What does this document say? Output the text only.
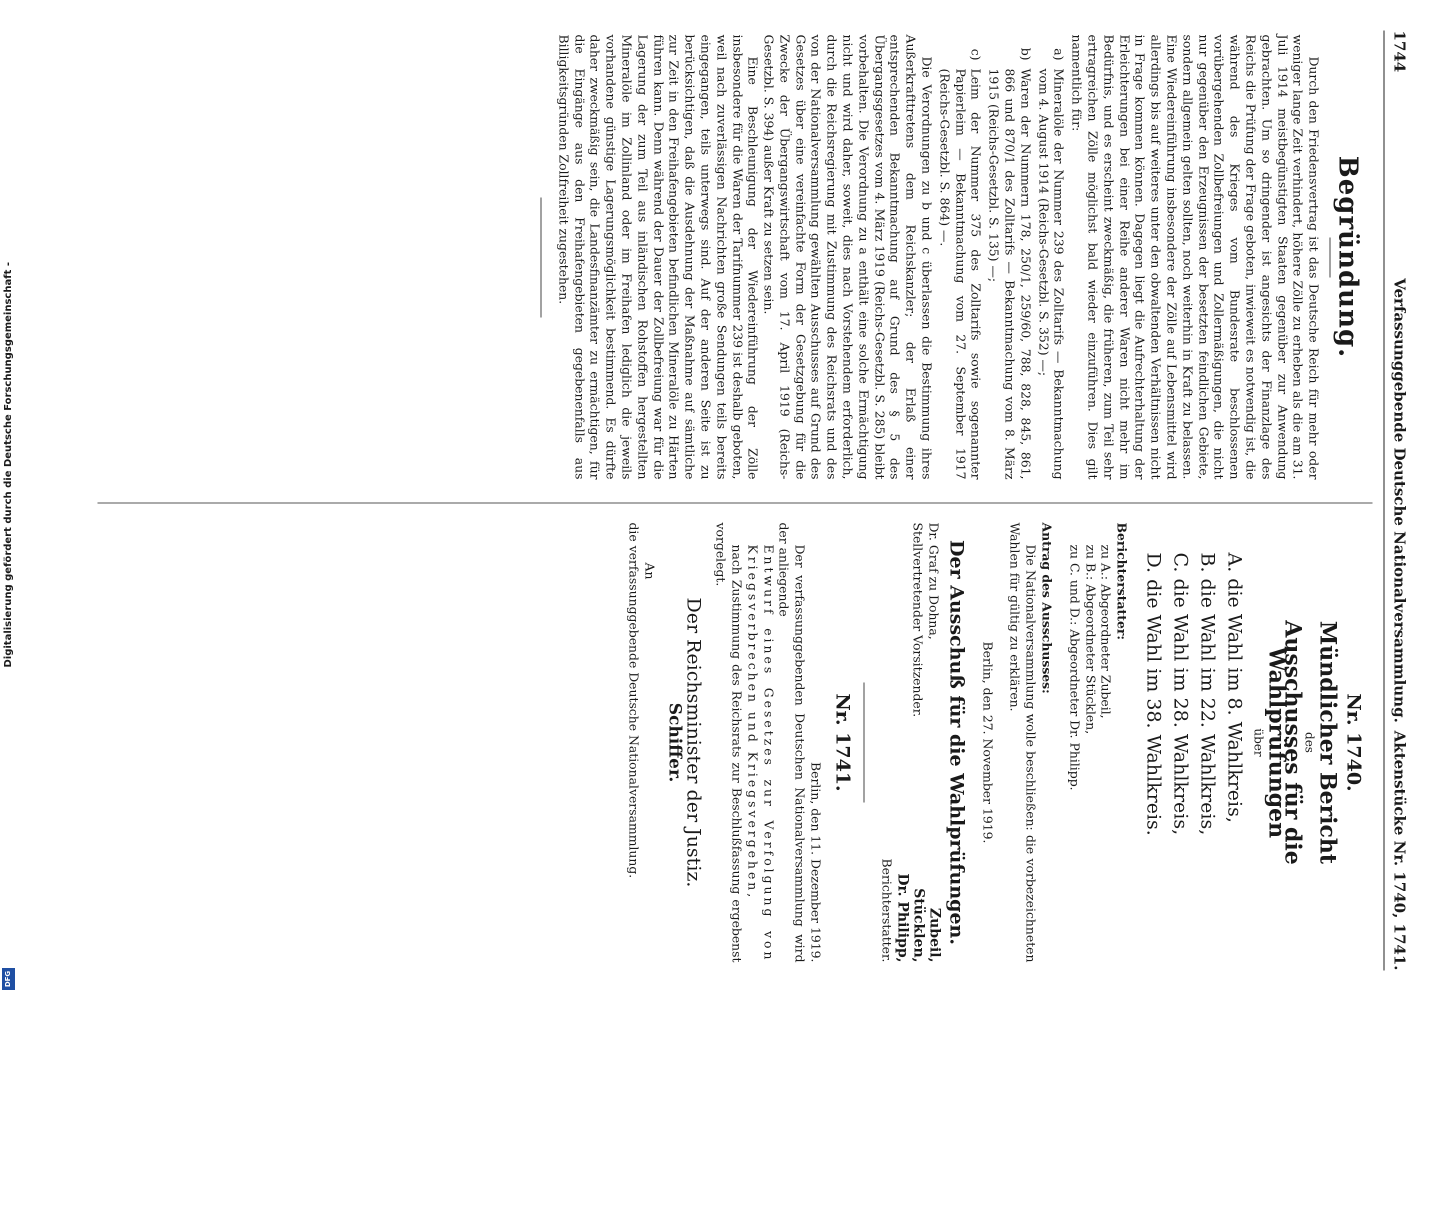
Digitalisierung gefördert durch die Deutsche Forschungsgemeinschaft -
DFG
1744
Verfassunggebende Deutsche Nationalversammlung.
Aktenstücke Nr. 1740, 1741.
Begründung.

Durch den Friedensvertrag ist das Deutsche Reich für mehr oder weniger lange Zeit verhindert, höhere Zölle zu erheben als die am 31. Juli 1914 meistbegünstigten Staaten gegenüber zur Anwendung gebrachten. Um so dringender ist angesichts der Finanzlage des Reichs die Prüfung der Frage geboten, inwieweit es notwendig ist, die während des Krieges vom Bundesrate beschlossenen vorübergehenden Zollbefreiungen und Zollermäßigungen, die nicht nur gegenüber den Erzeugnissen der besetzten feindlichen Gebiete, sondern allgemein gelten sollten, noch weiterhin in Kraft zu belassen. Eine Wiedereinführung insbesondere der Zölle auf Lebensmittel wird allerdings bis auf weiteres unter den obwaltenden Verhältnissen nicht in Frage kommen können. Dagegen liegt die Aufrechterhaltung der Erleichterungen bei einer Reihe anderer Waren nicht mehr im Bedürfnis, und es erscheint zweckmäßig, die früheren, zum Teil sehr ertragreichen Zölle möglichst bald wieder einzuführen. Dies gilt namentlich für:

a)
Mineralöle der Nummer 239 des Zolltarifs — Bekanntmachung vom 4. August 1914 (Reichs-Gesetzbl. S. 352) —;
b)
Waren der Nummern 178, 250/1, 259/60, 788, 828, 845, 861, 866 und 870/1 des Zolltarifs — Bekanntmachung vom 8. März 1915 (Reichs-Gesetzbl. S. 135) —;
c)
Leim der Nummer 375 des Zolltarifs sowie sogenannter Papierleim — Bekanntmachung vom 27. September 1917 (Reichs-Gesetzbl. S. 864) —.

Die Verordnungen zu b und c überlassen die Bestimmung ihres Außerkrafttretens dem Reichskanzler; der Erlaß einer entsprechenden Bekanntmachung auf Grund des § 5 des Übergangsgesetzes vom 4. März 1919 (Reichs-Gesetzbl. S. 285) bleibt vorbehalten. Die Verordnung zu a enthält eine solche Ermächtigung nicht und wird daher, soweit, dies nach Vorstehendem erforderlich, durch die Reichsregierung mit Zustimmung des Reichsrats und des von der Nationalversammlung gewählten Ausschusses auf Grund des Gesetzes über eine vereinfachte Form der Gesetzgebung für die Zwecke der Übergangswirtschaft vom 17. April 1919 (Reichs-Gesetzbl. S. 394) außer Kraft zu setzen sein.

Eine Beschleunigung der Wiedereinführung der Zölle insbesondere für die Waren der Tarifnummer 239 ist deshalb geboten, weil nach zuverlässigen Nachrichten große Sendungen teils bereits eingegangen, teils unterwegs sind. Auf der anderen Seite ist zu berücksichtigen, daß die Ausdehnung der Maßnahme auf sämtliche zur Zeit in den Freihafengebieten befindlichen Mineralöle zu Härten führen kann. Denn während der Dauer der Zollbefreiung war für die Lagerung der zum Teil aus inländischen Rohstoffen hergestellten Mineralöle im Zollinland oder im Freihafen lediglich die jeweils vorhandene günstige Lagerungsmöglichkeit bestimmend. Es dürfte daher zweckmäßig sein, die Landesfinanzämter zu ermächtigen, für die Eingänge aus den Freihafengebieten gegebenenfalls aus Billigkeitsgründen Zollfreiheit zugestehen.

Nr. 1740.
Mündlicher Bericht
des
Ausschusses für die Wahlprüfungen
über
A. die Wahl im 8. Wahlkreis,
B. die Wahl im 22. Wahlkreis,
C. die Wahl im 28. Wahlkreis,
D. die Wahl im 38. Wahlkreis.
Berichterstatter:
zu A.: Abgeordneter Zubeil,
zu B.: Abgeordneter Stücklen,
zu C. und D.: Abgeordneter Dr. Philipp.
Antrag des Ausschusses:

Die Nationalversammlung wolle beschließen: die vorbezeichneten Wahlen für gültig zu erklären.

Berlin, den 27. November 1919.
Der Ausschuß für die Wahlprüfungen.
Dr. Graf zu Dohna,
Stellvertretender Vorsitzender.
Zubeil,
Stücklen,
Dr. Philipp,
Berichterstatter.
Nr. 1741.
Berlin, den 11. Dezember 1919.

Der verfassunggebenden Deutschen Nationalversammlung wird der anliegende

Entwurf eines Gesetzes zur Verfolgung von Kriegsverbrechen und Kriegsvergehen,

nach Zustimmung des Reichsrats zur Beschlußfassung ergebenst vorgelegt.

Der Reichsminister der Justiz.
Schiffer.
An
die verfassunggebende Deutsche Nationalversammlung.
